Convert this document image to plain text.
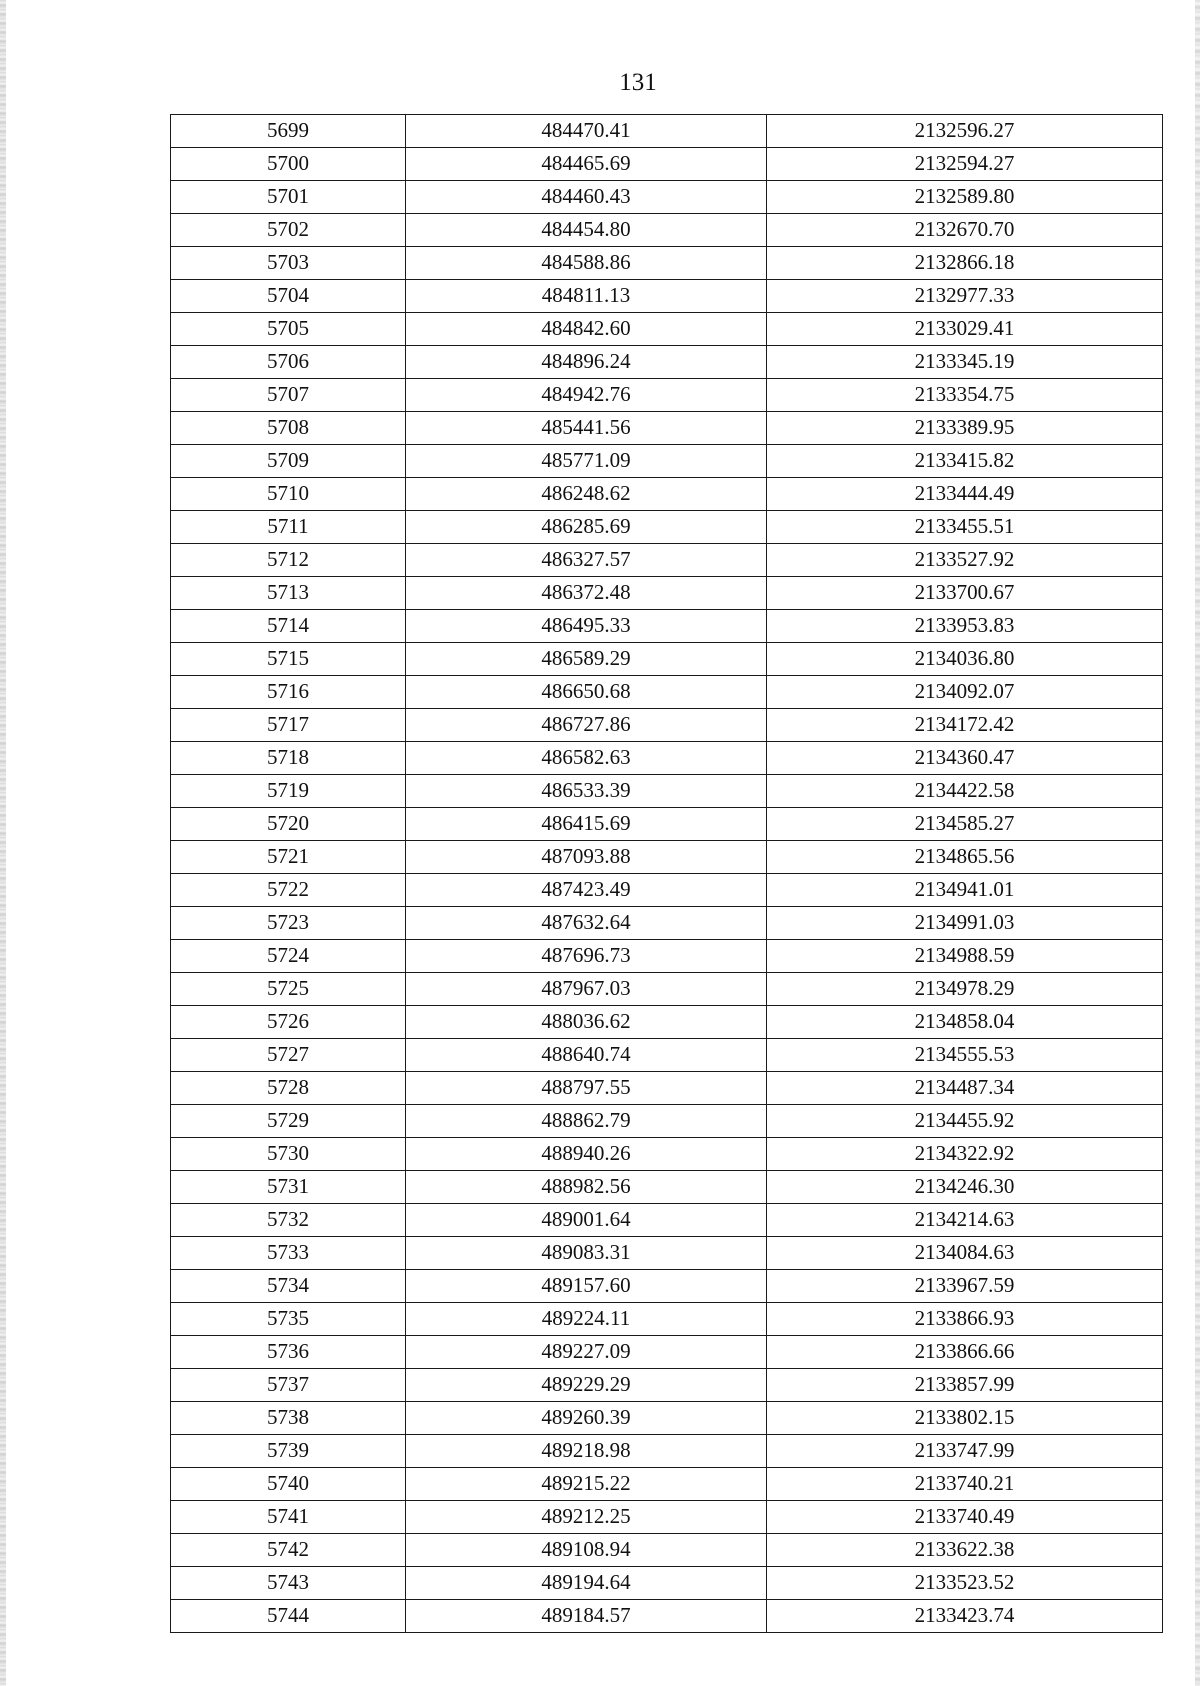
131
5699	484470.41	2132596.27
5700	484465.69	2132594.27
5701	484460.43	2132589.80
5702	484454.80	2132670.70
5703	484588.86	2132866.18
5704	484811.13	2132977.33
5705	484842.60	2133029.41
5706	484896.24	2133345.19
5707	484942.76	2133354.75
5708	485441.56	2133389.95
5709	485771.09	2133415.82
5710	486248.62	2133444.49
5711	486285.69	2133455.51
5712	486327.57	2133527.92
5713	486372.48	2133700.67
5714	486495.33	2133953.83
5715	486589.29	2134036.80
5716	486650.68	2134092.07
5717	486727.86	2134172.42
5718	486582.63	2134360.47
5719	486533.39	2134422.58
5720	486415.69	2134585.27
5721	487093.88	2134865.56
5722	487423.49	2134941.01
5723	487632.64	2134991.03
5724	487696.73	2134988.59
5725	487967.03	2134978.29
5726	488036.62	2134858.04
5727	488640.74	2134555.53
5728	488797.55	2134487.34
5729	488862.79	2134455.92
5730	488940.26	2134322.92
5731	488982.56	2134246.30
5732	489001.64	2134214.63
5733	489083.31	2134084.63
5734	489157.60	2133967.59
5735	489224.11	2133866.93
5736	489227.09	2133866.66
5737	489229.29	2133857.99
5738	489260.39	2133802.15
5739	489218.98	2133747.99
5740	489215.22	2133740.21
5741	489212.25	2133740.49
5742	489108.94	2133622.38
5743	489194.64	2133523.52
5744	489184.57	2133423.74
